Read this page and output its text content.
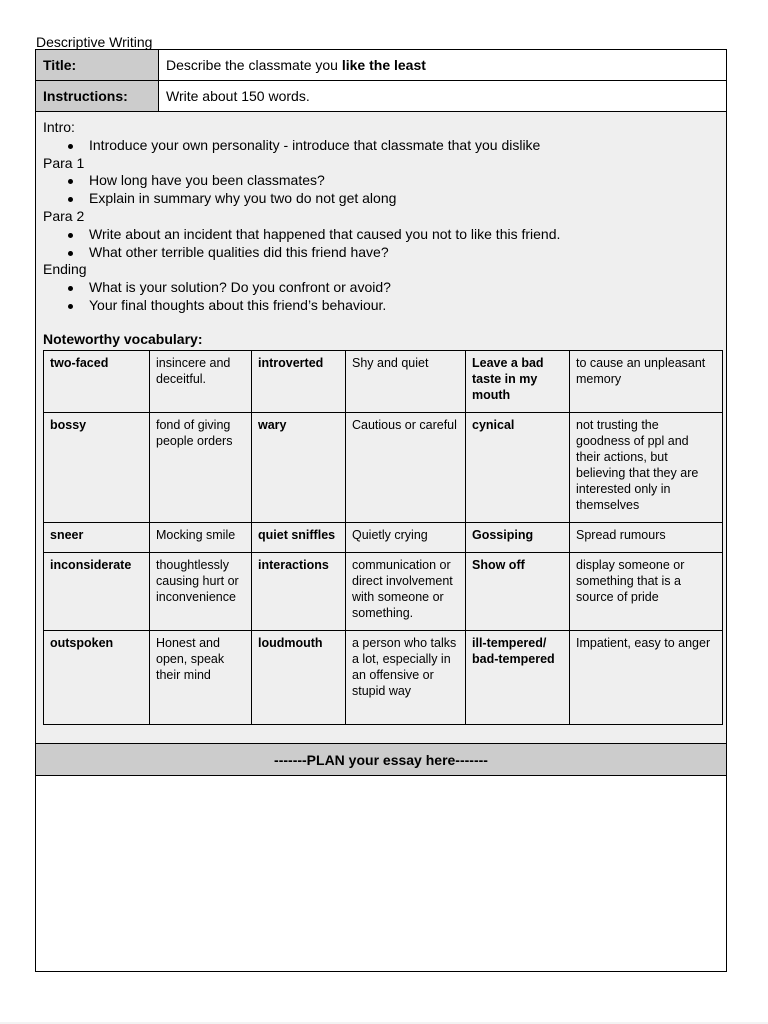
Descriptive Writing
Title:	Describe the classmate you like the least
Instructions:	Write about 150 words.
Intro:
Introduce your own personality - introduce that classmate that you dislike
Para 1
How long have you been classmates?
Explain in summary why you two do not get along
Para 2
Write about an incident that happened that caused you not to like this friend.
What other terrible qualities did this friend have?
Ending
What is your solution? Do you confront or avoid?
Your final thoughts about this friend’s behaviour.
Noteworthy vocabulary:
two-faced	insincere and deceitful.	introverted	Shy and quiet	Leave a bad taste in my mouth	to cause an unpleasant memory
bossy	fond of giving people orders	wary	Cautious or careful	cynical	not trusting the goodness of ppl and their actions, but believing that they are interested only in themselves
sneer	Mocking smile	quiet sniffles	Quietly crying	Gossiping	Spread rumours
inconsiderate	thoughtlessly causing hurt or inconvenience	interactions	communication or direct involvement with someone or something.	Show off	display someone or something that is a source of pride
outspoken	Honest and open, speak their mind	loudmouth	a person who talks a lot, especially in an offensive or stupid way	ill-tempered/ bad-tempered	Impatient, easy to anger
-------PLAN your essay here-------
